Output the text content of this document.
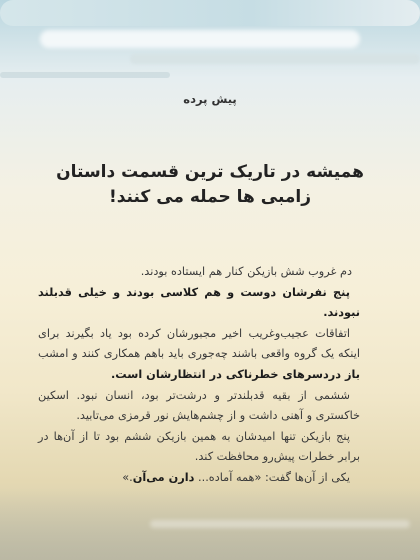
پیش پرده
همیشه در تاریک ترین قسمت داستان
زامبی ها حمله می کنند!

دم غروب شش بازیکن کنار هم ایستاده بودند.

پنج نفرشان دوست و هم کلاسی بودند و خیلی قدبلند نبودند.

اتفاقات عجیب‌وغریب اخیر مجبورشان کرده بود یاد بگیرند برای اینکه یک گروه واقعی باشند چه‌جوری باید باهم همکاری کنند و امشب باز دردسرهای خطرناکی در انتظارشان است.

ششمی از بقیه قدبلندتر و درشت‌تر بود، انسان نبود. اسکین خاکستری و آهنی داشت و از چشم‌هایش نور قرمزی می‌تابید.

پنج بازیکن تنها امیدشان به همین بازیکن ششم بود تا از آن‌ها در برابر خطرات پیش‌رو محافظت کند.

یکی از آن‌ها گفت: «همه آماده... دارن می‌آن.»
